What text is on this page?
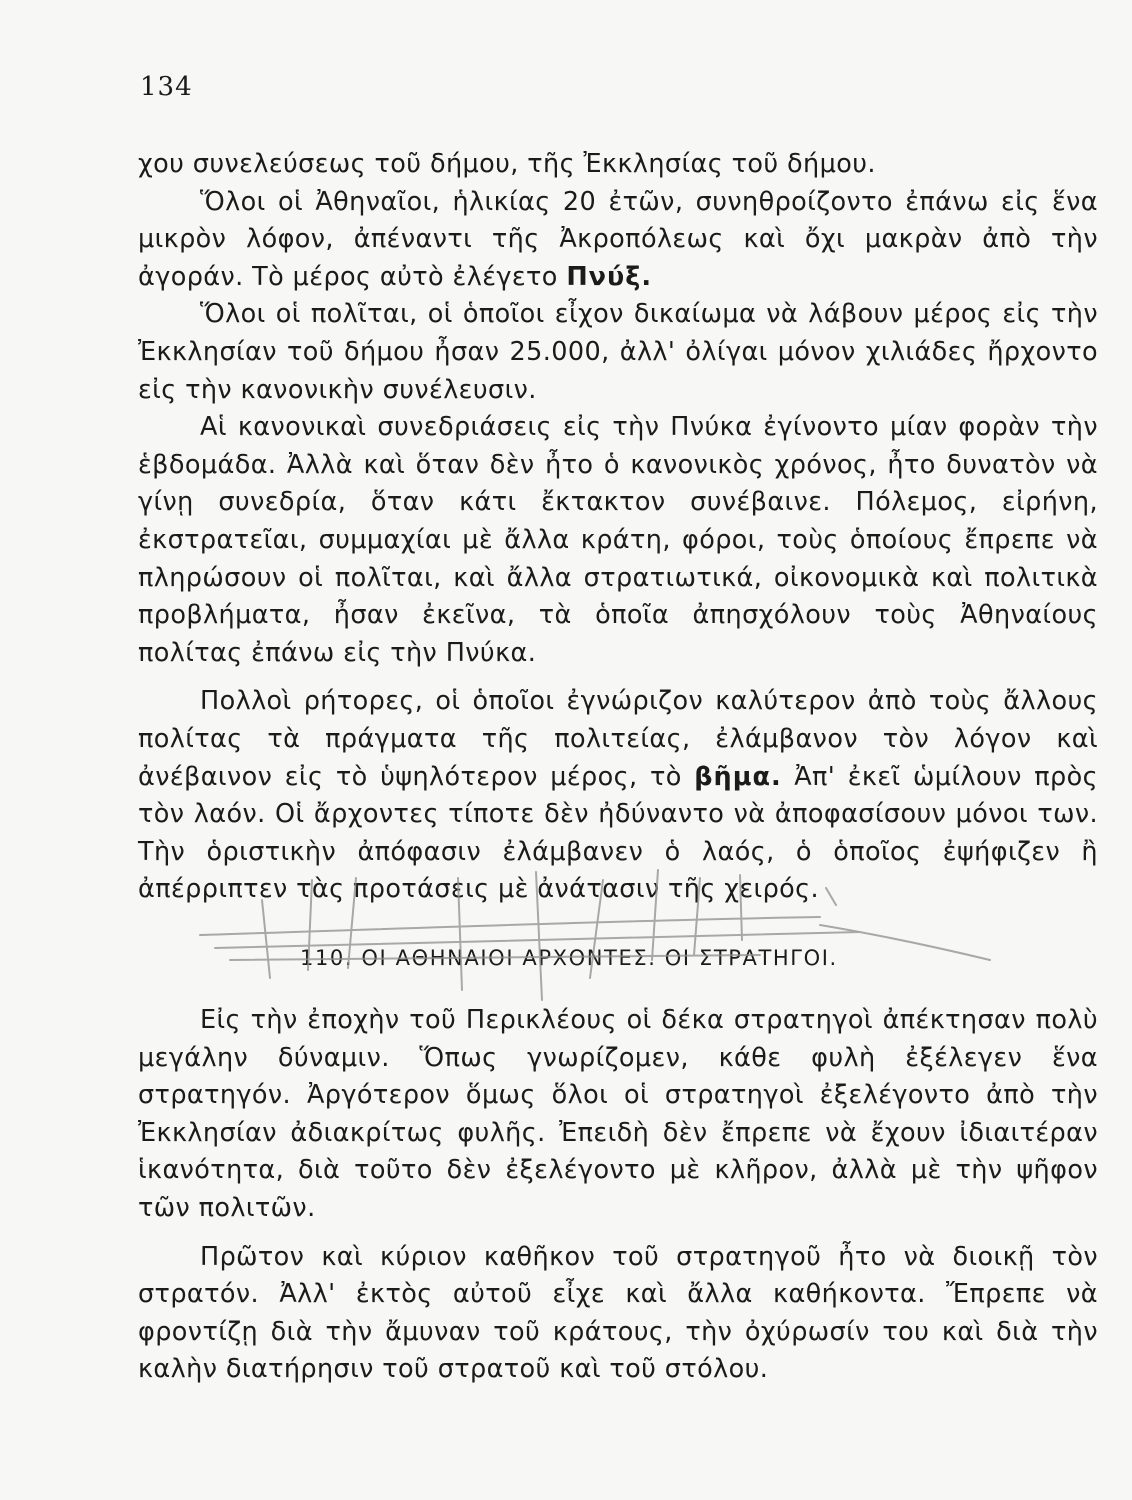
134

χου συνελεύσεως τοῦ δήμου, τῆς Ἐκκλησίας τοῦ δήμου.

Ὅλοι οἱ Ἀθηναῖοι, ἡλικίας 20 ἐτῶν, συνηθροίζοντο ἐπάνω εἰς ἕνα μικρὸν λόφον, ἀπέναντι τῆς Ἀκροπόλεως καὶ ὄχι μακρὰν ἀπὸ τὴν ἀγοράν. Τὸ μέρος αὐτὸ ἐλέγετο Πνύξ.

Ὅλοι οἱ πολῖται, οἱ ὁποῖοι εἶχον δικαίωμα νὰ λάβουν μέρος εἰς τὴν Ἐκκλησίαν τοῦ δήμου ἦσαν 25.000, ἀλλ' ὀλίγαι μόνον χιλιάδες ἤρχοντο εἰς τὴν κανονικὴν συνέλευσιν.

Αἱ κανονικαὶ συνεδριάσεις εἰς τὴν Πνύκα ἐγίνοντο μίαν φορὰν τὴν ἑβδομάδα. Ἀλλὰ καὶ ὅταν δὲν ἦτο ὁ κανονικὸς χρόνος, ἦτο δυνατὸν νὰ γίνῃ συνεδρία, ὅταν κάτι ἔκτακτον συνέβαινε. Πόλεμος, εἰρήνη, ἐκστρατεῖαι, συμμαχίαι μὲ ἄλλα κράτη, φόροι, τοὺς ὁποίους ἔπρεπε νὰ πληρώσουν οἱ πολῖται, καὶ ἄλλα στρατιωτικά, οἰκονομικὰ καὶ πολιτικὰ προβλήματα, ἦσαν ἐκεῖνα, τὰ ὁποῖα ἀπησχόλουν τοὺς Ἀθηναίους πολίτας ἐπάνω εἰς τὴν Πνύκα.

Πολλοὶ ρήτορες, οἱ ὁποῖοι ἐγνώριζον καλύτερον ἀπὸ τοὺς ἄλλους πολίτας τὰ πράγματα τῆς πολιτείας, ἐλάμβανον τὸν λόγον καὶ ἀνέβαινον εἰς τὸ ὑψηλότερον μέρος, τὸ βῆμα. Ἀπ' ἐκεῖ ὡμίλουν πρὸς τὸν λαόν. Οἱ ἄρχοντες τίποτε δὲν ἠδύναντο νὰ ἀποφασίσουν μόνοι των. Τὴν ὁριστικὴν ἀπόφασιν ἐλάμβανεν ὁ λαός, ὁ ὁποῖος ἐψήφιζεν ἢ ἀπέρριπτεν τὰς προτάσεις μὲ ἀνάτασιν τῆς χειρός.

110. ΟΙ ΑΘΗΝΑΙΟΙ ΑΡΧΟΝΤΕΣ. ΟΙ ΣΤΡΑΤΗΓΟΙ.

Εἰς τὴν ἐποχὴν τοῦ Περικλέους οἱ δέκα στρατηγοὶ ἀπέκτησαν πολὺ μεγάλην δύναμιν. Ὅπως γνωρίζομεν, κάθε φυλὴ ἐξέλεγεν ἕνα στρατηγόν. Ἀργότερον ὅμως ὅλοι οἱ στρατηγοὶ ἐξελέγοντο ἀπὸ τὴν Ἐκκλησίαν ἀδιακρίτως φυλῆς. Ἐπειδὴ δὲν ἔπρεπε νὰ ἔχουν ἰδιαιτέραν ἱκανότητα, διὰ τοῦτο δὲν ἐξελέγοντο μὲ κλῆρον, ἀλλὰ μὲ τὴν ψῆφον τῶν πολιτῶν.

Πρῶτον καὶ κύριον καθῆκον τοῦ στρατηγοῦ ἦτο νὰ διοικῇ τὸν στρατόν. Ἀλλ' ἐκτὸς αὐτοῦ εἶχε καὶ ἄλλα καθήκοντα. Ἔπρεπε νὰ φροντίζῃ διὰ τὴν ἄμυναν τοῦ κράτους, τὴν ὀχύρωσίν του καὶ διὰ τὴν καλὴν διατήρησιν τοῦ στρατοῦ καὶ τοῦ στόλου.
